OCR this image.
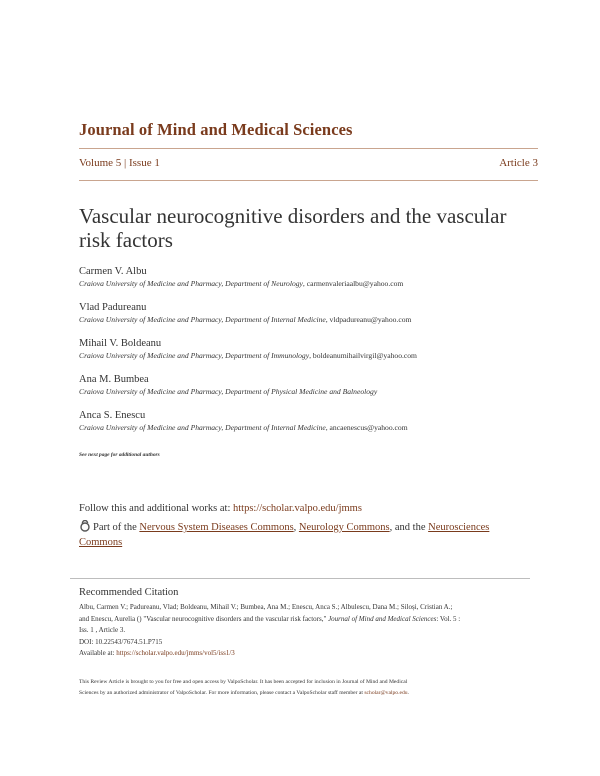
Journal of Mind and Medical Sciences
Volume 5 | Issue 1	Article 3
Vascular neurocognitive disorders and the vascular risk factors
Carmen V. Albu
Craiova University of Medicine and Pharmacy, Department of Neurology, carmenvaleriaalbu@yahoo.com
Vlad Padureanu
Craiova University of Medicine and Pharmacy, Department of Internal Medicine, vldpadureanu@yahoo.com
Mihail V. Boldeanu
Craiova University of Medicine and Pharmacy, Department of Immunology, boldeanumihailvirgil@yahoo.com
Ana M. Bumbea
Craiova University of Medicine and Pharmacy, Department of Physical Medicine and Balneology
Anca S. Enescu
Craiova University of Medicine and Pharmacy, Department of Internal Medicine, ancaenescus@yahoo.com
See next page for additional authors
Follow this and additional works at: https://scholar.valpo.edu/jmms
Part of the Nervous System Diseases Commons, Neurology Commons, and the Neurosciences
Commons
Recommended Citation
Albu, Carmen V.; Padureanu, Vlad; Boldeanu, Mihail V.; Bumbea, Ana M.; Enescu, Anca S.; Albulescu, Dana M.; Siloși, Cristian A.;
and Enescu, Aurelia () "Vascular neurocognitive disorders and the vascular risk factors," Journal of Mind and Medical Sciences: Vol. 5 :
Iss. 1 , Article 3.
DOI: 10.22543/7674.51.P715
Available at: https://scholar.valpo.edu/jmms/vol5/iss1/3
This Review Article is brought to you for free and open access by ValpoScholar. It has been accepted for inclusion in Journal of Mind and Medical
Sciences by an authorized administrator of ValpoScholar. For more information, please contact a ValpoScholar staff member at scholar@valpo.edu.
